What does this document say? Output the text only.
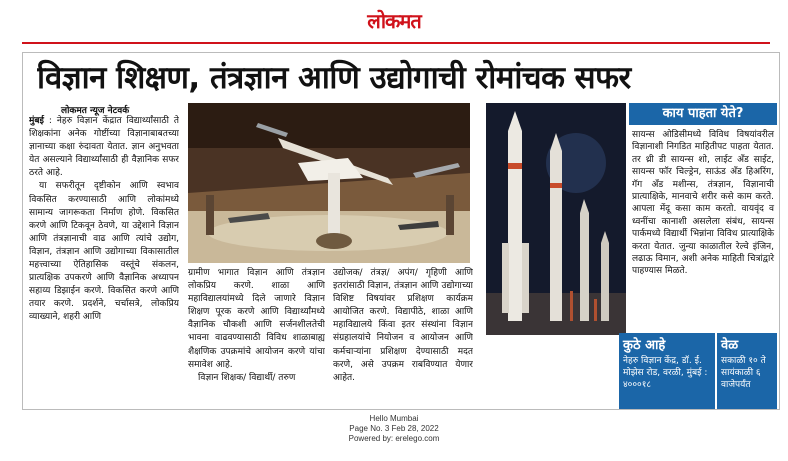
लोकमत
विज्ञान शिक्षण, तंत्रज्ञान आणि उद्योगाची रोमांचक सफर
लोकमत न्यूज नेटवर्क

मुंबई : नेहरु विज्ञान केंद्रात विद्यार्थ्यांसाठी ते शिक्षकांना अनेक गोष्टींच्या विज्ञानाबाबतच्या ज्ञानाच्या कक्षा रुंदावता येतात. ज्ञान अनुभवता येत असल्याने विद्यार्थ्यांसाठी ही वैज्ञानिक सफर ठरते आहे.

या सफरीतून दृष्टीकोन आणि स्वभाव विकसित करण्यासाठी आणि लोकांमध्ये सामान्य जागरूकता निर्माण होणे. विकसित करणे आणि टिकवून ठेवणे, या उद्देशाने विज्ञान आणि तंत्रज्ञानाची वाढ आणि त्यांचे उद्योग, विज्ञान, तंत्रज्ञान आणि उद्योगाच्या विकासातील महत्त्वाच्या ऐतिहासिक वस्तूंचे संकलन, प्रात्यक्षिक उपकरणे आणि वैज्ञानिक अध्यापन सहाय्य डिझाईन करणे. विकसित करणे आणि तयार करणे. प्रदर्शने, चर्चासत्रे, लोकप्रिय व्याख्याने, शहरी आणि

ग्रामीण भागात विज्ञान आणि तंत्रज्ञान लोकप्रिय करणे. शाळा आणि महाविद्यालयांमध्ये दिले जाणारे विज्ञान शिक्षण पूरक करणे आणि विद्यार्थ्यांमध्ये वैज्ञानिक चौकशी आणि सर्जनशीलतेची भावना वाढवण्यासाठी विविध शाळाबाह्य शैक्षणिक उपक्रमांचे आयोजन करणे यांचा समावेश आहे.

विज्ञान शिक्षक/ विद्यार्थी/ तरुण

उद्योजक/ तंत्रज्ञ/ अपंग/ गृहिणी आणि इतरांसाठी विज्ञान, तंत्रज्ञान आणि उद्योगाच्या विशिष्ट विषयांवर प्रशिक्षण कार्यक्रम आयोजित करणे. विद्यापीठे, शाळा आणि महाविद्यालये किंवा इतर संस्थांना विज्ञान संग्रहालयांचे नियोजन व आयोजन आणि कर्मचाऱ्यांना प्रशिक्षण देण्यासाठी मदत करणे, असे उपक्रम राबविण्यात येणार आहेत.

काय पाहता येते?
सायन्स ओडिसीमध्ये विविध विषयांवरील विज्ञानाशी निगडित माहितीपट पाहता येतात. तर थ्री डी सायन्स शो, लाईट अँड साईट, सायन्स फॉर चिल्ड्रेन, साऊंड अँड हिअरिंग, गॅग अँड मशीन्स, तंत्रज्ञान, विज्ञानाची प्रात्याक्षिके, मानवाचे शरीर कसे काम करते. आपला मेंदू कसा काम करतो. वायवृंद व ध्वनींचा कानाशी असलेला संबंध, सायन्स पार्कमध्ये विद्यार्थी भिन्नांना विविध प्रात्याक्षिके करता येतात. जुन्या काळातील रेल्वे इंजिन, लढाऊ विमान, अशी अनेक माहिती चित्रांद्वारे पाहण्यास मिळते.
कुठे आहे
नेहरु विज्ञान केंद्र, डॉ. ई. मोझेस रोड, वरळी, मुंबई : ४०००१८
वेळ
सकाळी १० ते सायंकाळी ६ वाजेपर्यंत
Hello Mumbai
Page No. 3 Feb 28, 2022
Powered by: erelego.com
